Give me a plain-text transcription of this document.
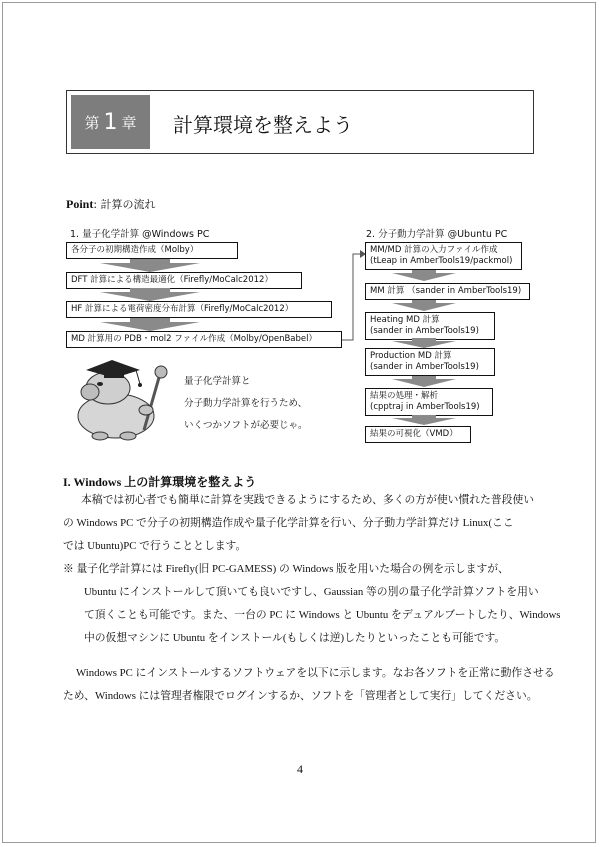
第 1 章 計算環境を整えよう
Point: 計算の流れ
1. 量子化学計算 @Windows PC
各分子の初期構造作成（Molby）
DFT 計算による構造最適化（Firefly/MoCalc2012）
HF 計算による電荷密度分布計算（Firefly/MoCalc2012）
MD 計算用の PDB・mol2 ファイル作成（Molby/OpenBabel）
2. 分子動力学計算 @Ubuntu PC
MM/MD 計算の入力ファイル作成
(tLeap in AmberTools19/packmol)
MM 計算 （sander in AmberTools19)
Heating MD 計算
(sander in AmberTools19)
Production MD 計算
(sander in AmberTools19)
結果の処理・解析
(cpptraj in AmberTools19)
結果の可視化（VMD）
量子化学計算と
分子動力学計算を行うため、
いくつかソフトが必要じゃ。
I. Windows 上の計算環境を整えよう
本稿では初心者でも簡単に計算を実践できるようにするため、多くの方が使い慣れた普段使い
の Windows PC で分子の初期構造作成や量子化学計算を行い、分子動力学計算だけ Linux(ここ
では Ubuntu)PC で行うこととします。
※ 量子化学計算には Firefly(旧 PC-GAMESS) の Windows 版を用いた場合の例を示しますが、
Ubuntu にインストールして頂いても良いですし、Gaussian 等の別の量子化学計算ソフトを用い
て頂くことも可能です。また、一台の PC に Windows と Ubuntu をデュアルブートしたり、Windows
中の仮想マシンに Ubuntu をインストール(もしくは逆)したりといったことも可能です。
Windows PC にインストールするソフトウェアを以下に示します。なお各ソフトを正常に動作させる
ため、Windows には管理者権限でログインするか、ソフトを「管理者として実行」してください。
4
